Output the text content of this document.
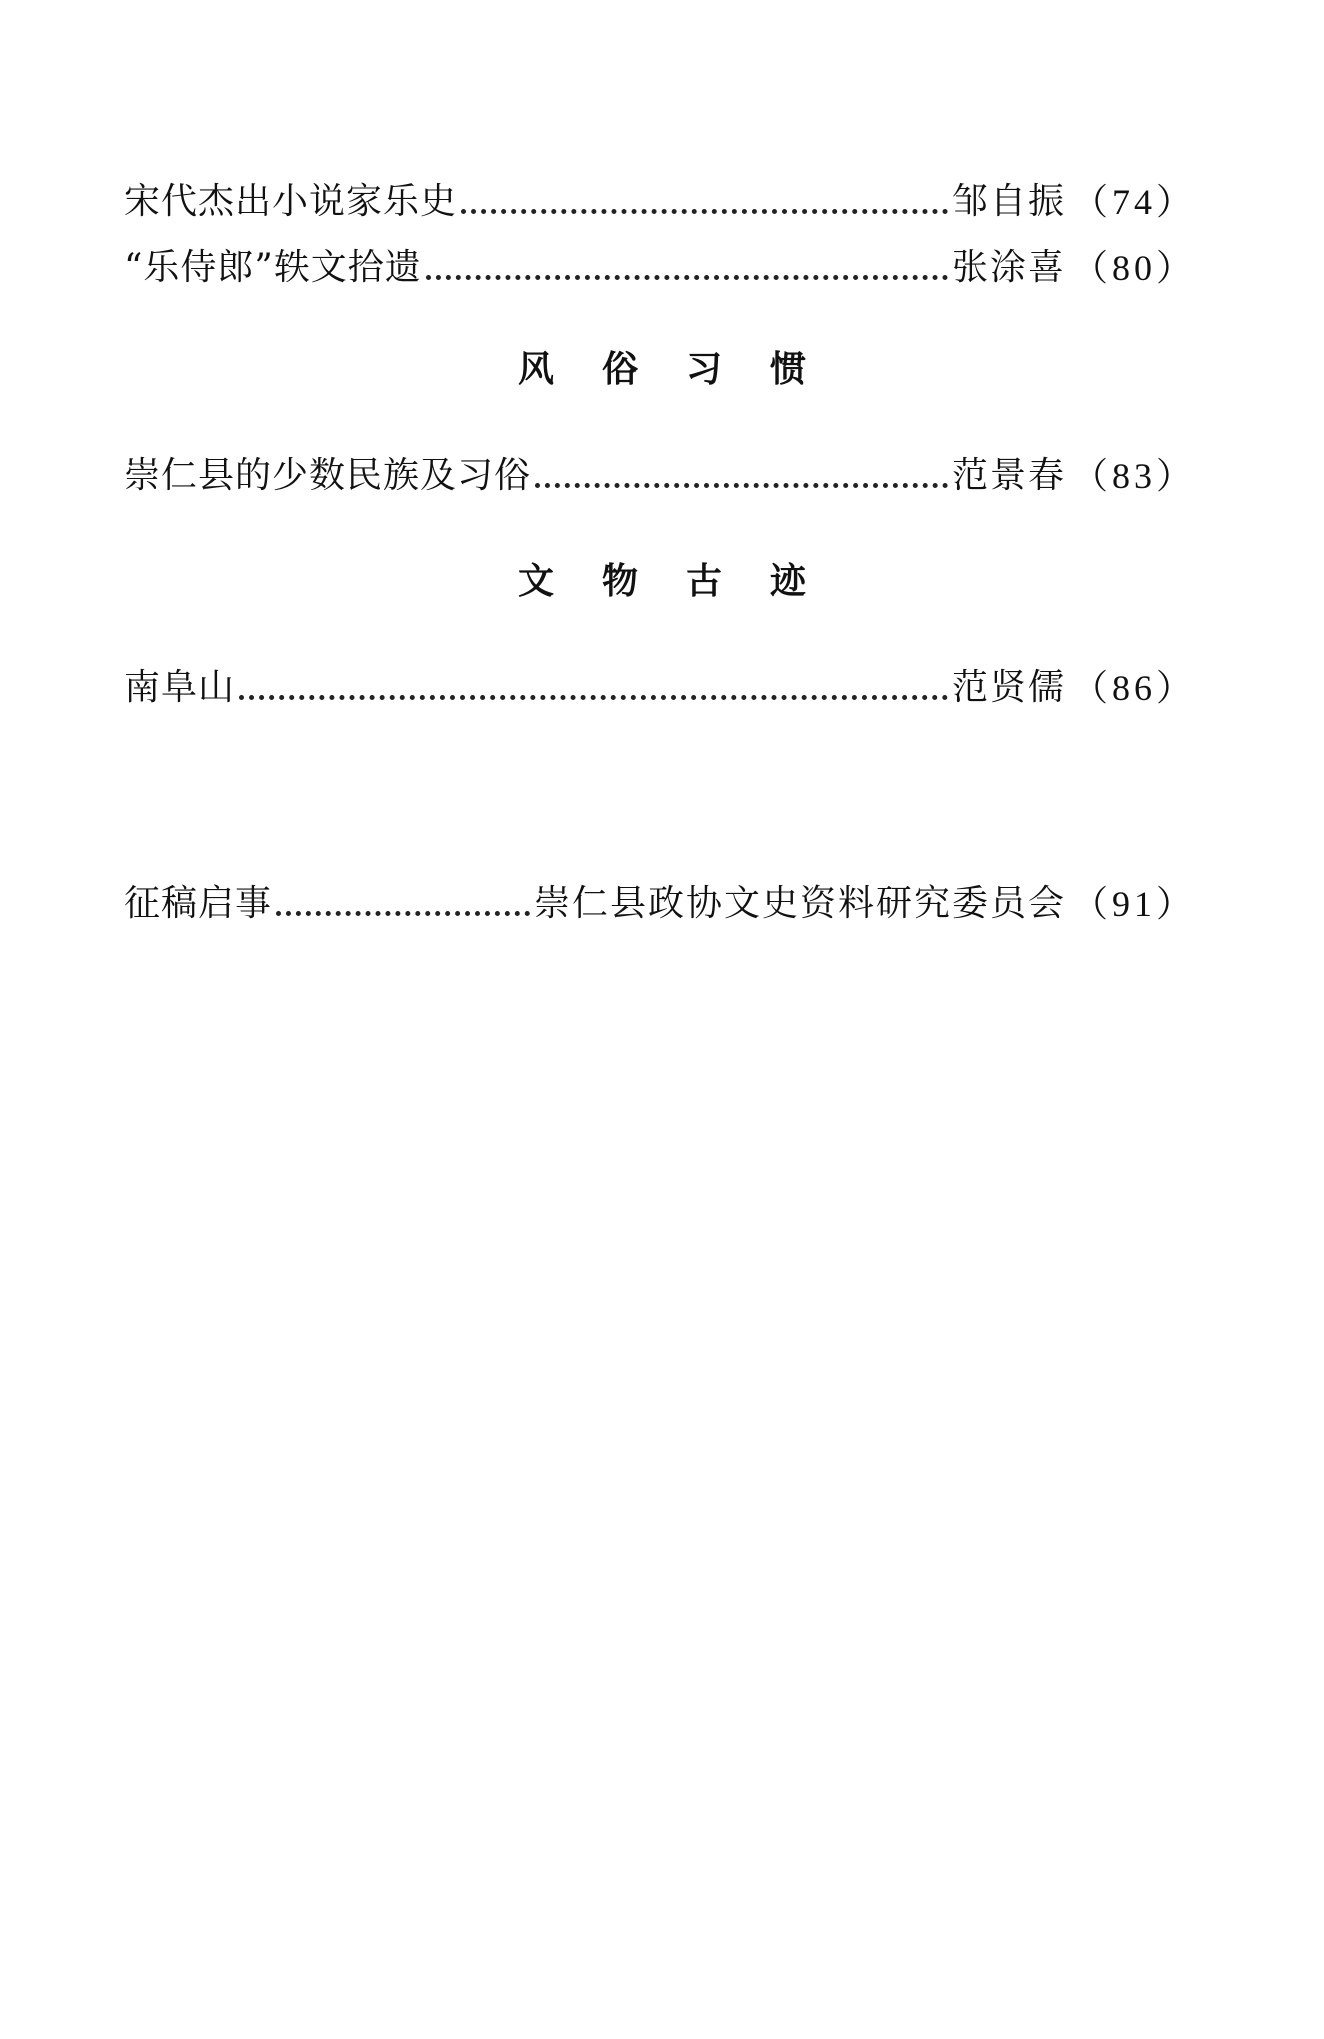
宋代杰出小说家乐史	邹自振 （74）
“乐侍郎”轶文拾遗	张涂喜 （80）
风俗习惯
崇仁县的少数民族及习俗	范景春 （83）
文物古迹
南阜山	范贤儒 （86）
征稿启事	崇仁县政协文史资料研究委员会 （91）
